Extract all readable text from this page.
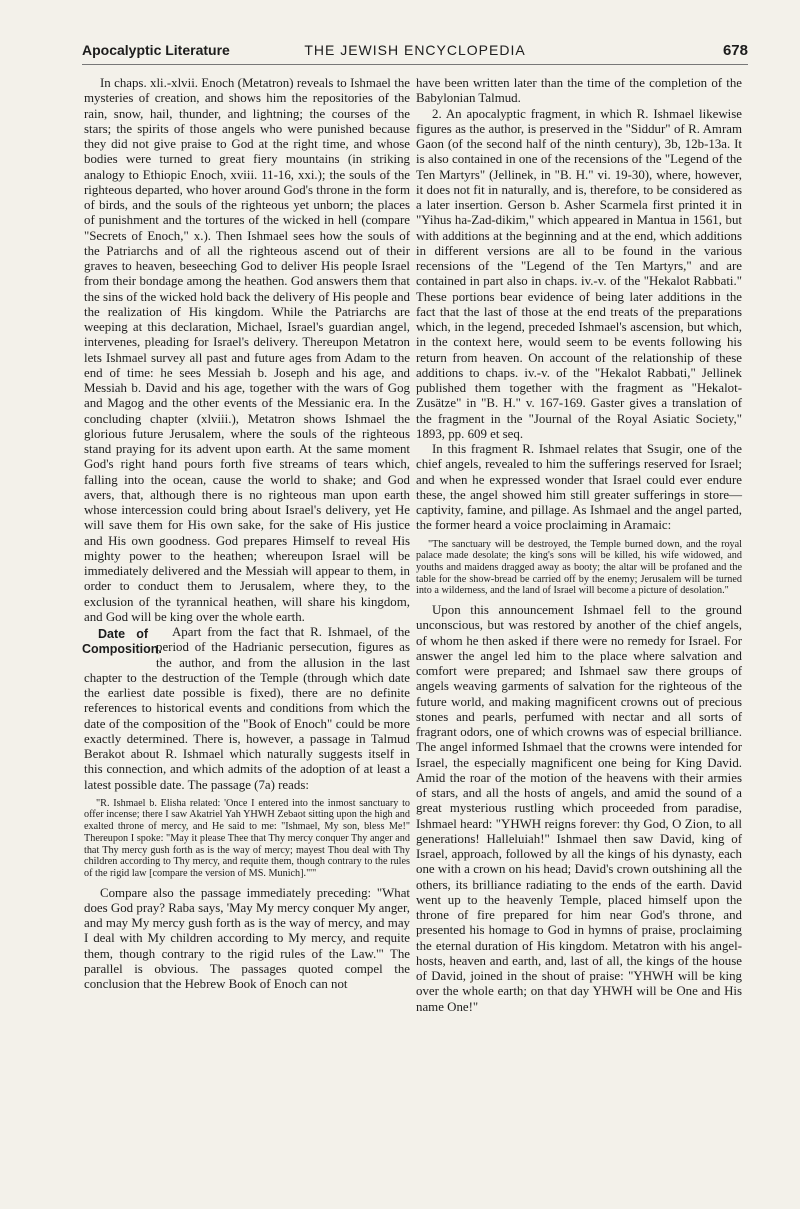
Apocalyptic Literature	THE JEWISH ENCYCLOPEDIA	678

In chaps. xli.-xlvii. Enoch (Metatron) reveals to Ishmael the mysteries of creation, and shows him the repositories of the rain, snow, hail, thunder, and lightning; the courses of the stars; the spirits of those angels who were punished because they did not give praise to God at the right time, and whose bodies were turned to great fiery mountains (in striking analogy to Ethiopic Enoch, xviii. 11-16, xxi.); the souls of the righteous departed, who hover around God's throne in the form of birds, and the souls of the righteous yet unborn; the places of punishment and the tortures of the wicked in hell (compare "Secrets of Enoch," x.). Then Ishmael sees how the souls of the Patriarchs and of all the righteous ascend out of their graves to heaven, beseeching God to deliver His people Israel from their bondage among the heathen. God answers them that the sins of the wicked hold back the delivery of His people and the realization of His kingdom. While the Patriarchs are weeping at this declaration, Michael, Israel's guardian angel, intervenes, pleading for Israel's delivery. Thereupon Metatron lets Ishmael survey all past and future ages from Adam to the end of time: he sees Messiah b. Joseph and his age, and Messiah b. David and his age, together with the wars of Gog and Magog and the other events of the Messianic era. In the concluding chapter (xlviii.), Metatron shows Ishmael the glorious future Jerusalem, where the souls of the righteous stand praying for its advent upon earth. At the same moment God's right hand pours forth five streams of tears which, falling into the ocean, cause the world to shake; and God avers, that, although there is no righteous man upon earth whose intercession could bring about Israel's delivery, yet He will save them for His own sake, for the sake of His justice and His own goodness. God prepares Himself to reveal His mighty power to the heathen; whereupon Israel will be immediately delivered and the Messiah will appear to them, in order to conduct them to Jerusalem, where they, to the exclusion of the tyrannical heathen, will share his kingdom, and God will be king over the whole earth.

Date of Composition.
Apart from the fact that R. Ishmael, of the period of the Hadrianic persecution, figures as the author, and from the allusion in the last chapter to the destruction of the Temple (through which date the earliest date possible is fixed), there are no definite references to historical events and conditions from which the date of the composition of the "Book of Enoch" could be more exactly determined. There is, however, a passage in Talmud Berakot about R. Ishmael which naturally suggests itself in this connection, and which admits of the adoption of at least a latest possible date. The passage (7a) reads:

"R. Ishmael b. Elisha related: 'Once I entered into the inmost sanctuary to offer incense; there I saw Akatriel Yah YHWH Zebaot sitting upon the high and exalted throne of mercy, and He said to me: "Ishmael, My son, bless Me!" Thereupon I spoke: "May it please Thee that Thy mercy conquer Thy anger and that Thy mercy gush forth as is the way of mercy; mayest Thou deal with Thy children according to Thy mercy, and requite them, though contrary to the rules of the rigid law [compare the version of MS. Munich]."'"

Compare also the passage immediately preceding: "What does God pray? Raba says, 'May My mercy conquer My anger, and may My mercy gush forth as is the way of mercy, and may I deal with My children according to My mercy, and requite them, though contrary to the rigid rules of the Law.'" The parallel is obvious. The passages quoted compel the conclusion that the Hebrew Book of Enoch can not

have been written later than the time of the completion of the Babylonian Talmud.

2. An apocalyptic fragment, in which R. Ishmael likewise figures as the author, is preserved in the "Siddur" of R. Amram Gaon (of the second half of the ninth century), 3b, 12b-13a. It is also contained in one of the recensions of the "Legend of the Ten Martyrs" (Jellinek, in "B. H." vi. 19-30), where, however, it does not fit in naturally, and is, therefore, to be considered as a later insertion. Gerson b. Asher Scarmela first printed it in "Yihus ha-Zad-dikim," which appeared in Mantua in 1561, but with additions at the beginning and at the end, which additions in different versions are all to be found in the various recensions of the "Legend of the Ten Martyrs," and are contained in part also in chaps. iv.-v. of the "Hekalot Rabbati." These portions bear evidence of being later additions in the fact that the last of those at the end treats of the preparations which, in the legend, preceded Ishmael's ascension, but which, in the context here, would seem to be events following his return from heaven. On account of the relationship of these additions to chaps. iv.-v. of the "Hekalot Rabbati," Jellinek published them together with the fragment as "Hekalot-Zusätze" in "B. H." v. 167-169. Gaster gives a translation of the fragment in the "Journal of the Royal Asiatic Society," 1893, pp. 609 et seq.

In this fragment R. Ishmael relates that Ssugir, one of the chief angels, revealed to him the sufferings reserved for Israel; and when he expressed wonder that Israel could ever endure these, the angel showed him still greater sufferings in store—captivity, famine, and pillage. As Ishmael and the angel parted, the former heard a voice proclaiming in Aramaic:

"The sanctuary will be destroyed, the Temple burned down, and the royal palace made desolate; the king's sons will be killed, his wife widowed, and youths and maidens dragged away as booty; the altar will be profaned and the table for the show-bread be carried off by the enemy; Jerusalem will be turned into a wilderness, and the land of Israel will become a picture of desolation."

Upon this announcement Ishmael fell to the ground unconscious, but was restored by another of the chief angels, of whom he then asked if there were no remedy for Israel. For answer the angel led him to the place where salvation and comfort were prepared; and Ishmael saw there groups of angels weaving garments of salvation for the righteous of the future world, and making magnificent crowns out of precious stones and pearls, perfumed with nectar and all sorts of fragrant odors, one of which crowns was of especial brilliance. The angel informed Ishmael that the crowns were intended for Israel, the especially magnificent one being for King David. Amid the roar of the motion of the heavens with their armies of stars, and all the hosts of angels, and amid the sound of a great mysterious rustling which proceeded from paradise, Ishmael heard: "YHWH reigns forever: thy God, O Zion, to all generations! Halleluiah!" Ishmael then saw David, king of Israel, approach, followed by all the kings of his dynasty, each one with a crown on his head; David's crown outshining all the others, its brilliance radiating to the ends of the earth. David went up to the heavenly Temple, placed himself upon the throne of fire prepared for him near God's throne, and presented his homage to God in hymns of praise, proclaiming the eternal duration of His kingdom. Metatron with his angel-hosts, heaven and earth, and, last of all, the kings of the house of David, joined in the shout of praise: "YHWH will be king over the whole earth; on that day YHWH will be One and His name One!"
